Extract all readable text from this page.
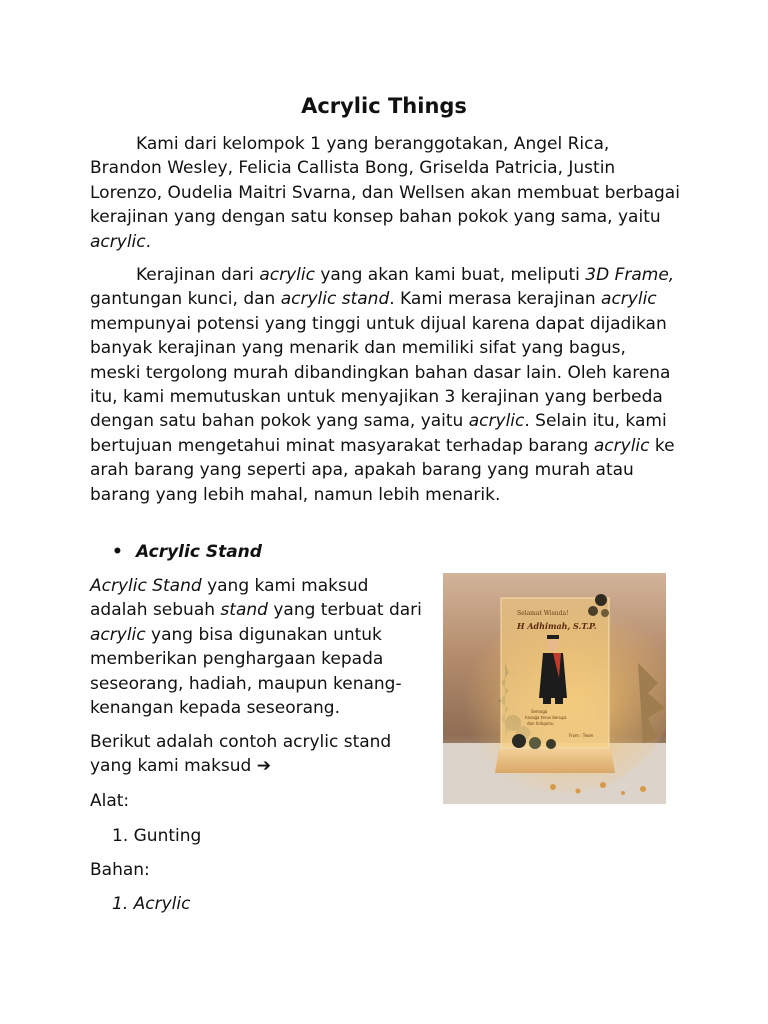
Acrylic Things

Kami dari kelompok 1 yang beranggotakan, Angel Rica, Brandon Wesley, Felicia Callista Bong, Griselda Patricia, Justin Lorenzo, Oudelia Maitri Svarna, dan Wellsen akan membuat berbagai kerajinan yang dengan satu konsep bahan pokok yang sama, yaitu acrylic.

Kerajinan dari acrylic yang akan kami buat, meliputi 3D Frame, gantungan kunci, dan acrylic stand. Kami merasa kerajinan acrylic mempunyai potensi yang tinggi untuk dijual karena dapat dijadikan banyak kerajinan yang menarik dan memiliki sifat yang bagus, meski tergolong murah dibandingkan bahan dasar lain. Oleh karena itu, kami memutuskan untuk menyajikan 3 kerajinan yang berbeda dengan satu bahan pokok yang sama, yaitu acrylic. Selain itu, kami bertujuan mengetahui minat masyarakat terhadap barang acrylic ke arah barang yang seperti apa, apakah barang yang murah atau barang yang lebih mahal, namun lebih menarik.

• Acrylic Stand

Acrylic Stand yang kami maksud adalah sebuah stand yang terbuat dari acrylic yang bisa digunakan untuk memberikan penghargaan kepada seseorang, hadiah, maupun kenang-kenangan kepada seseorang.

Berikut adalah contoh acrylic stand yang kami maksud ➔

Alat:

1. Gunting

Bahan:

1. Acrylic

Selamat Wisuda!
H Adhimah, S.T.P.
Semoga
hasaga terus berupa
dan hidupmu
From : Team
